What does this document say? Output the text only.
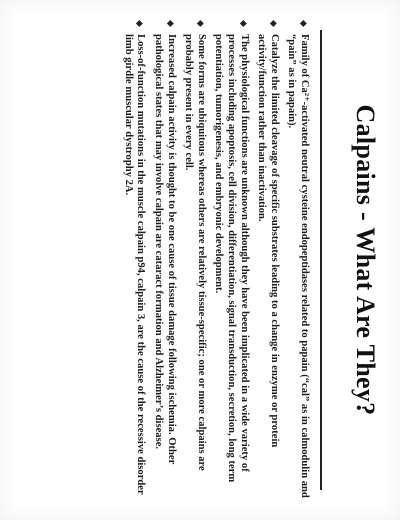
Calpains - What Are They?
◆
Family of Ca²⁺-activated neutral cysteine endopeptidases related to papain (“cal” as in calmodulin and “pain” as in papain).
◆
Catalyze the limited cleavage of specific substrates leading to a change in enzyme or protein activity/function rather than inactivation.
◆
The physiological functions are unknown although they have been implicated in a wide variety of processes including apoptosis, cell division, differentiation, signal transduction, secretion, long term potentiation, tumorigenesis, and embryonic development.
◆
Some forms are ubiquitous whereas others are relatively tissue-specific; one or more calpains are probably present in every cell.
◆
Increased calpain activity is thought to be one cause of tissue damage following ischemia. Other pathological states that may involve calpain are cataract formation and Alzheimer’s disease.
◆
Loss-of-function mutations in the muscle calpain p94, calpain 3, are the cause of the recessive disorder limb girdle muscular dystrophy 2A.
